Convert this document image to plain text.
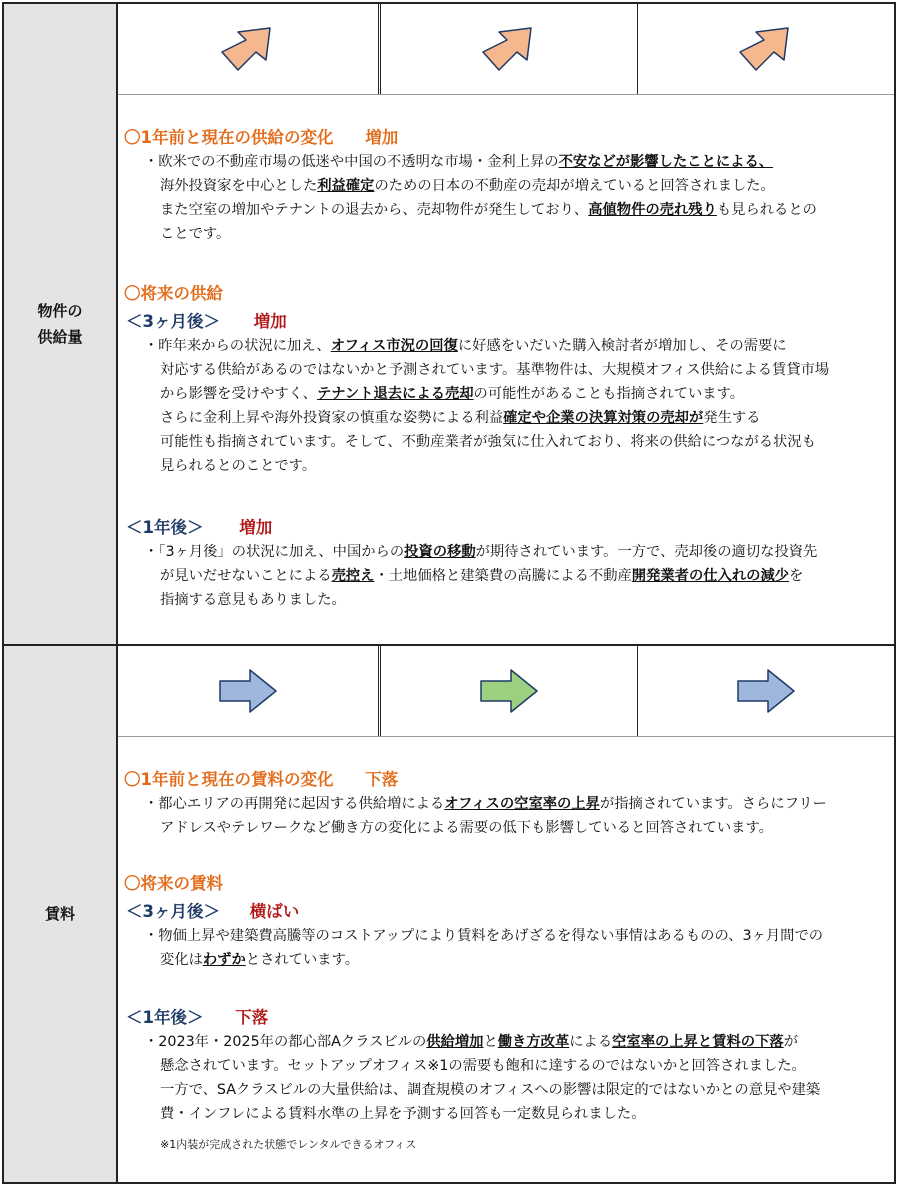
物件の
供給量
〇1年前と現在の供給の変化 増加
・欧米での不動産市場の低迷や中国の不透明な市場・金利上昇の不安などが影響したことによる、
海外投資家を中心とした利益確定のための日本の不動産の売却が増えていると回答されました。
また空室の増加やテナントの退去から、売却物件が発生しており、高値物件の売れ残りも見られるとの
ことです。
〇将来の供給
＜3ヶ月後＞ 増加
・昨年来からの状況に加え、オフィス市況の回復に好感をいだいた購入検討者が増加し、その需要に
対応する供給があるのではないかと予測されています。基準物件は、大規模オフィス供給による賃貸市場
から影響を受けやすく、テナント退去による売却の可能性があることも指摘されています。
さらに金利上昇や海外投資家の慎重な姿勢による利益確定や企業の決算対策の売却が発生する
可能性も指摘されています。そして、不動産業者が強気に仕入れており、将来の供給につながる状況も
見られるとのことです。
＜1年後＞ 増加
・「3ヶ月後」の状況に加え、中国からの投資の移動が期待されています。一方で、売却後の適切な投資先
が見いだせないことによる売控え・土地価格と建築費の高騰による不動産開発業者の仕入れの減少を
指摘する意見もありました。
賃料
〇1年前と現在の賃料の変化 下落
・都心エリアの再開発に起因する供給増によるオフィスの空室率の上昇が指摘されています。さらにフリー
アドレスやテレワークなど働き方の変化による需要の低下も影響していると回答されています。
〇将来の賃料
＜3ヶ月後＞ 横ばい
・物価上昇や建築費高騰等のコストアップにより賃料をあげざるを得ない事情はあるものの、3ヶ月間での
変化はわずかとされています。
＜1年後＞ 下落
・2023年・2025年の都心部Aクラスビルの供給増加と働き方改革による空室率の上昇と賃料の下落が
懸念されています。セットアップオフィス※1の需要も飽和に達するのではないかと回答されました。
一方で、SAクラスビルの大量供給は、調査規模のオフィスへの影響は限定的ではないかとの意見や建築
費・インフレによる賃料水準の上昇を予測する回答も一定数見られました。
※1内装が完成された状態でレンタルできるオフィス
